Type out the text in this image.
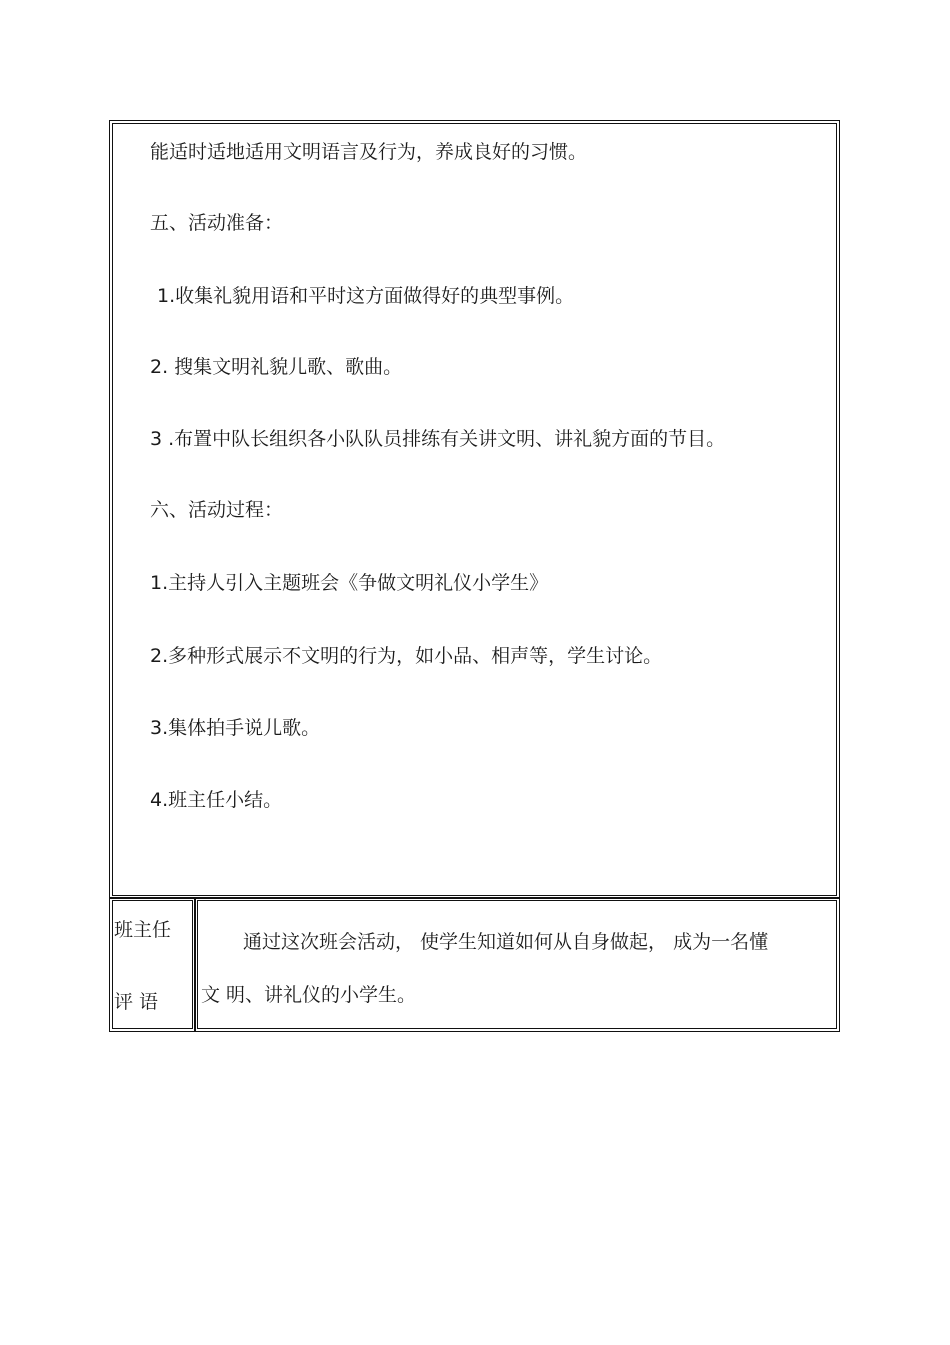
能适时适地适用文明语言及行为，养成良好的习惯。
五、活动准备：
1.收集礼貌用语和平时这方面做得好的典型事例。
2. 搜集文明礼貌儿歌、歌曲。
3 .布置中队长组织各小队队员排练有关讲文明、讲礼貌方面的节目。
六、活动过程：
1.主持人引入主题班会《争做文明礼仪小学生》
2.多种形式展示不文明的行为，如小品、相声等，学生讨论。
3.集体拍手说儿歌。
4.班主任小结。
班主任
评 语
通过这次班会活动， 使学生知道如何从自身做起， 成为一名懂
文 明、讲礼仪的小学生。
